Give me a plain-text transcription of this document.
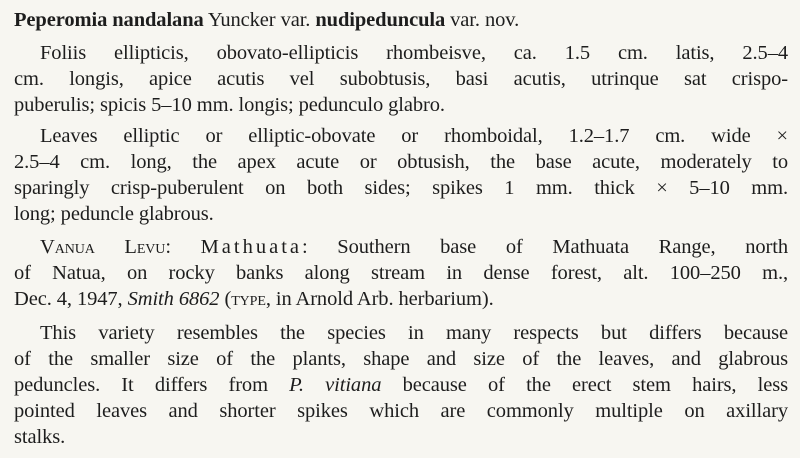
Peperomia nandalana Yuncker var. nudipeduncula var. nov.
Foliis ellipticis, obovato-ellipticis rhombeisve, ca. 1.5 cm. latis, 2.5–4
cm. longis, apice acutis vel subobtusis, basi acutis, utrinque sat crispo-
puberulis; spicis 5–10 mm. longis; pedunculo glabro.
Leaves elliptic or elliptic-obovate or rhomboidal, 1.2–1.7 cm. wide ×
2.5–4 cm. long, the apex acute or obtusish, the base acute, moderately to
sparingly crisp-puberulent on both sides; spikes 1 mm. thick × 5–10 mm.
long; peduncle glabrous.
Vanua Levu: Mathuata: Southern base of Mathuata Range, north
of Natua, on rocky banks along stream in dense forest, alt. 100–250 m.,
Dec. 4, 1947, Smith 6862 (type, in Arnold Arb. herbarium).
This variety resembles the species in many respects but differs because
of the smaller size of the plants, shape and size of the leaves, and glabrous
peduncles. It differs from P. vitiana because of the erect stem hairs, less
pointed leaves and shorter spikes which are commonly multiple on axillary
stalks.
